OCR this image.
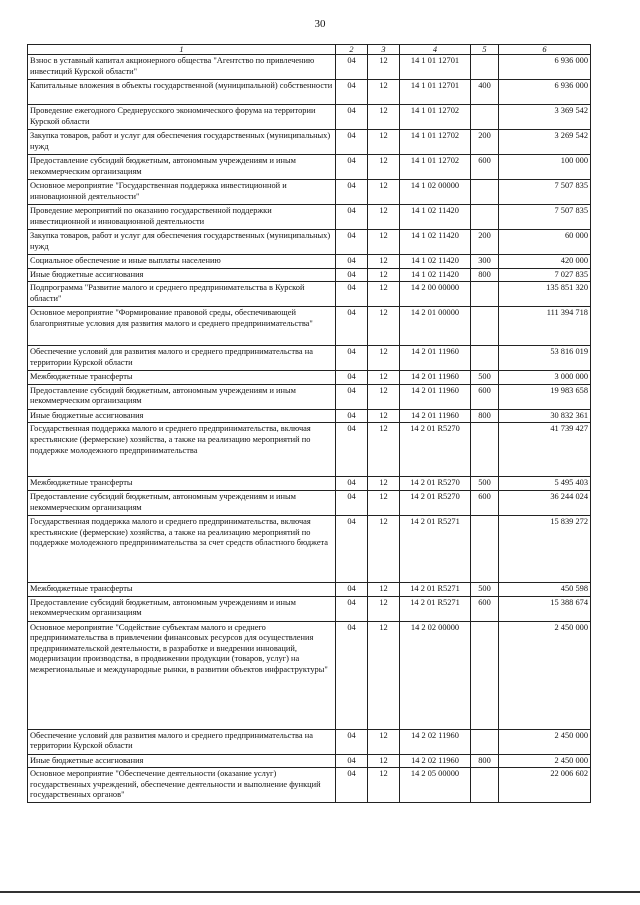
30
1	2	3	4	5	6
Взнос в уставный капитал акционерного общества "Агентство по привлечению инвестиций Курской области"	04	12	14 1 01 12701		6 936 000
Капитальные вложения в объекты государственной (муниципальной) собственности	04	12	14 1 01 12701	400	6 936 000
Проведение ежегодного Среднерусского экономического форума на территории Курской области	04	12	14 1 01 12702		3 369 542
Закупка товаров, работ и услуг для обеспечения государственных (муниципальных) нужд	04	12	14 1 01 12702	200	3 269 542
Предоставление субсидий бюджетным, автономным учреждениям и иным некоммерческим организациям	04	12	14 1 01 12702	600	100 000
Основное мероприятие "Государственная поддержка инвестиционной и инновационной деятельности"	04	12	14 1 02 00000		7 507 835
Проведение мероприятий по оказанию государственной поддержки инвестиционной и инновационной деятельности	04	12	14 1 02 11420		7 507 835
Закупка товаров, работ и услуг для обеспечения государственных (муниципальных) нужд	04	12	14 1 02 11420	200	60 000
Социальное обеспечение и иные выплаты населению	04	12	14 1 02 11420	300	420 000
Иные бюджетные ассигнования	04	12	14 1 02 11420	800	7 027 835
Подпрограмма "Развитие малого и среднего предпринимательства в Курской области"	04	12	14 2 00 00000		135 851 320
Основное мероприятие "Формирование правовой среды, обеспечивающей благоприятные условия для развития малого и среднего предпринимательства"	04	12	14 2 01 00000		111 394 718
Обеспечение условий для развития малого и среднего предпринимательства на территории Курской области	04	12	14 2 01 11960		53 816 019
Межбюджетные трансферты	04	12	14 2 01 11960	500	3 000 000
Предоставление субсидий бюджетным, автономным учреждениям и иным некоммерческим организациям	04	12	14 2 01 11960	600	19 983 658
Иные бюджетные ассигнования	04	12	14 2 01 11960	800	30 832 361
Государственная поддержка малого и среднего предпринимательства, включая крестьянские (фермерские) хозяйства, а также на реализацию мероприятий по поддержке молодежного предпринимательства	04	12	14 2 01 R5270		41 739 427
Межбюджетные трансферты	04	12	14 2 01 R5270	500	5 495 403
Предоставление субсидий бюджетным, автономным учреждениям и иным некоммерческим организациям	04	12	14 2 01 R5270	600	36 244 024
Государственная поддержка малого и среднего предпринимательства, включая крестьянские (фермерские) хозяйства, а также на реализацию мероприятий по поддержке молодежного предпринимательства за счет средств областного бюджета	04	12	14 2 01 R5271		15 839 272
Межбюджетные трансферты	04	12	14 2 01 R5271	500	450 598
Предоставление субсидий бюджетным, автономным учреждениям и иным некоммерческим организациям	04	12	14 2 01 R5271	600	15 388 674
Основное мероприятие "Содействие субъектам малого и среднего предпринимательства в привлечении финансовых ресурсов для осуществления предпринимательской деятельности, в разработке и внедрении инноваций, модернизации производства, в продвижении продукции (товаров, услуг) на межрегиональные и международные рынки, в развитии объектов инфраструктуры"	04	12	14 2 02 00000		2 450 000
Обеспечение условий для развития малого и среднего предпринимательства на территории Курской области	04	12	14 2 02 11960		2 450 000
Иные бюджетные ассигнования	04	12	14 2 02 11960	800	2 450 000
Основное мероприятие "Обеспечение деятельности (оказание услуг) государственных учреждений, обеспечение деятельности и выполнение функций государственных органов"	04	12	14 2 05 00000		22 006 602
